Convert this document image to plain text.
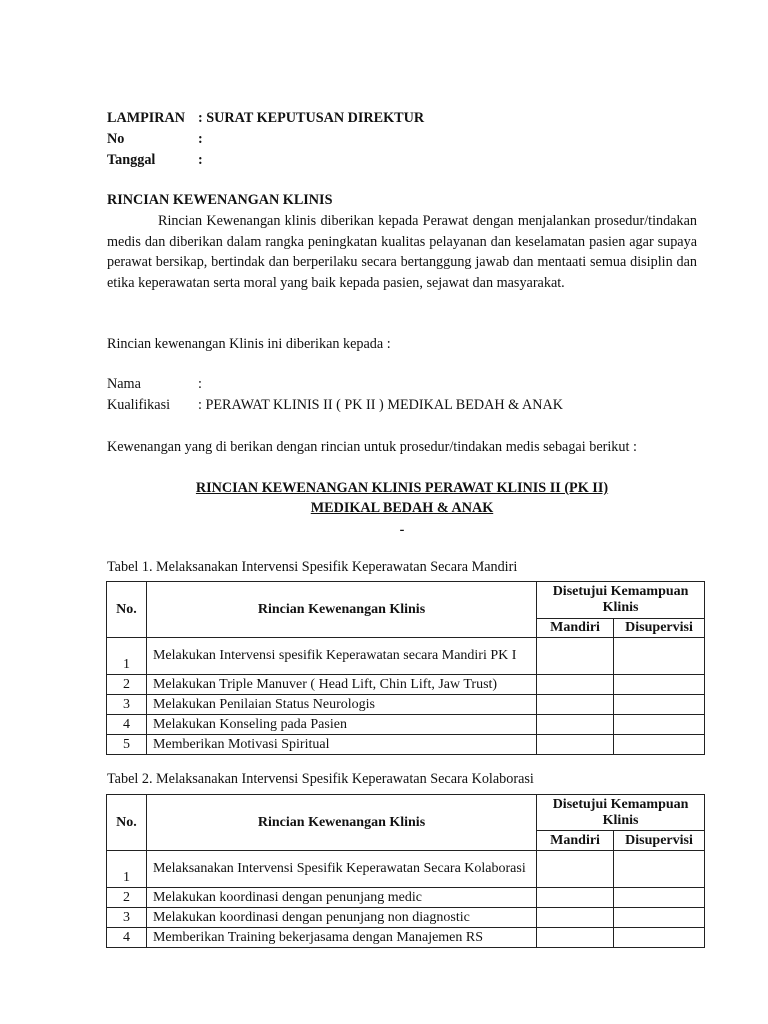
LAMPIRAN : SURAT KEPUTUSAN DIREKTUR
No	:
Tanggal	:
RINCIAN KEWENANGAN KLINIS
Rincian Kewenangan klinis diberikan kepada Perawat dengan menjalankan prosedur/tindakan medis dan diberikan dalam rangka peningkatan kualitas pelayanan dan keselamatan pasien agar supaya perawat bersikap, bertindak dan berperilaku secara bertanggung jawab dan mentaati semua disiplin dan etika keperawatan serta moral yang baik kepada pasien, sejawat dan masyarakat.
Rincian kewenangan Klinis ini diberikan kepada :
Nama	:
Kualifikasi : PERAWAT KLINIS II ( PK II ) MEDIKAL BEDAH & ANAK
Kewenangan yang di berikan dengan rincian untuk prosedur/tindakan medis sebagai berikut :
RINCIAN KEWENANGAN KLINIS PERAWAT KLINIS II (PK II)
MEDIKAL BEDAH & ANAK
-
Tabel 1. Melaksanakan Intervensi Spesifik Keperawatan Secara Mandiri
No.	Rincian Kewenangan Klinis	Disetujui Kemampuan Klinis	
		Mandiri	Disupervisi
1	Melakukan Intervensi spesifik Keperawatan secara Mandiri PK I		
2	Melakukan Triple Manuver ( Head Lift, Chin Lift, Jaw Trust)		
3	Melakukan Penilaian Status Neurologis		
4	Melakukan Konseling pada Pasien		
5	Memberikan Motivasi Spiritual		
Tabel 2. Melaksanakan Intervensi Spesifik Keperawatan Secara Kolaborasi
No.	Rincian Kewenangan Klinis	Disetujui Kemampuan Klinis	
		Mandiri	Disupervisi
1	Melaksanakan Intervensi Spesifik Keperawatan Secara Kolaborasi		
2	Melakukan koordinasi dengan penunjang medic		
3	Melakukan koordinasi dengan penunjang non diagnostic		
4	Memberikan Training bekerjasama dengan Manajemen RS		
